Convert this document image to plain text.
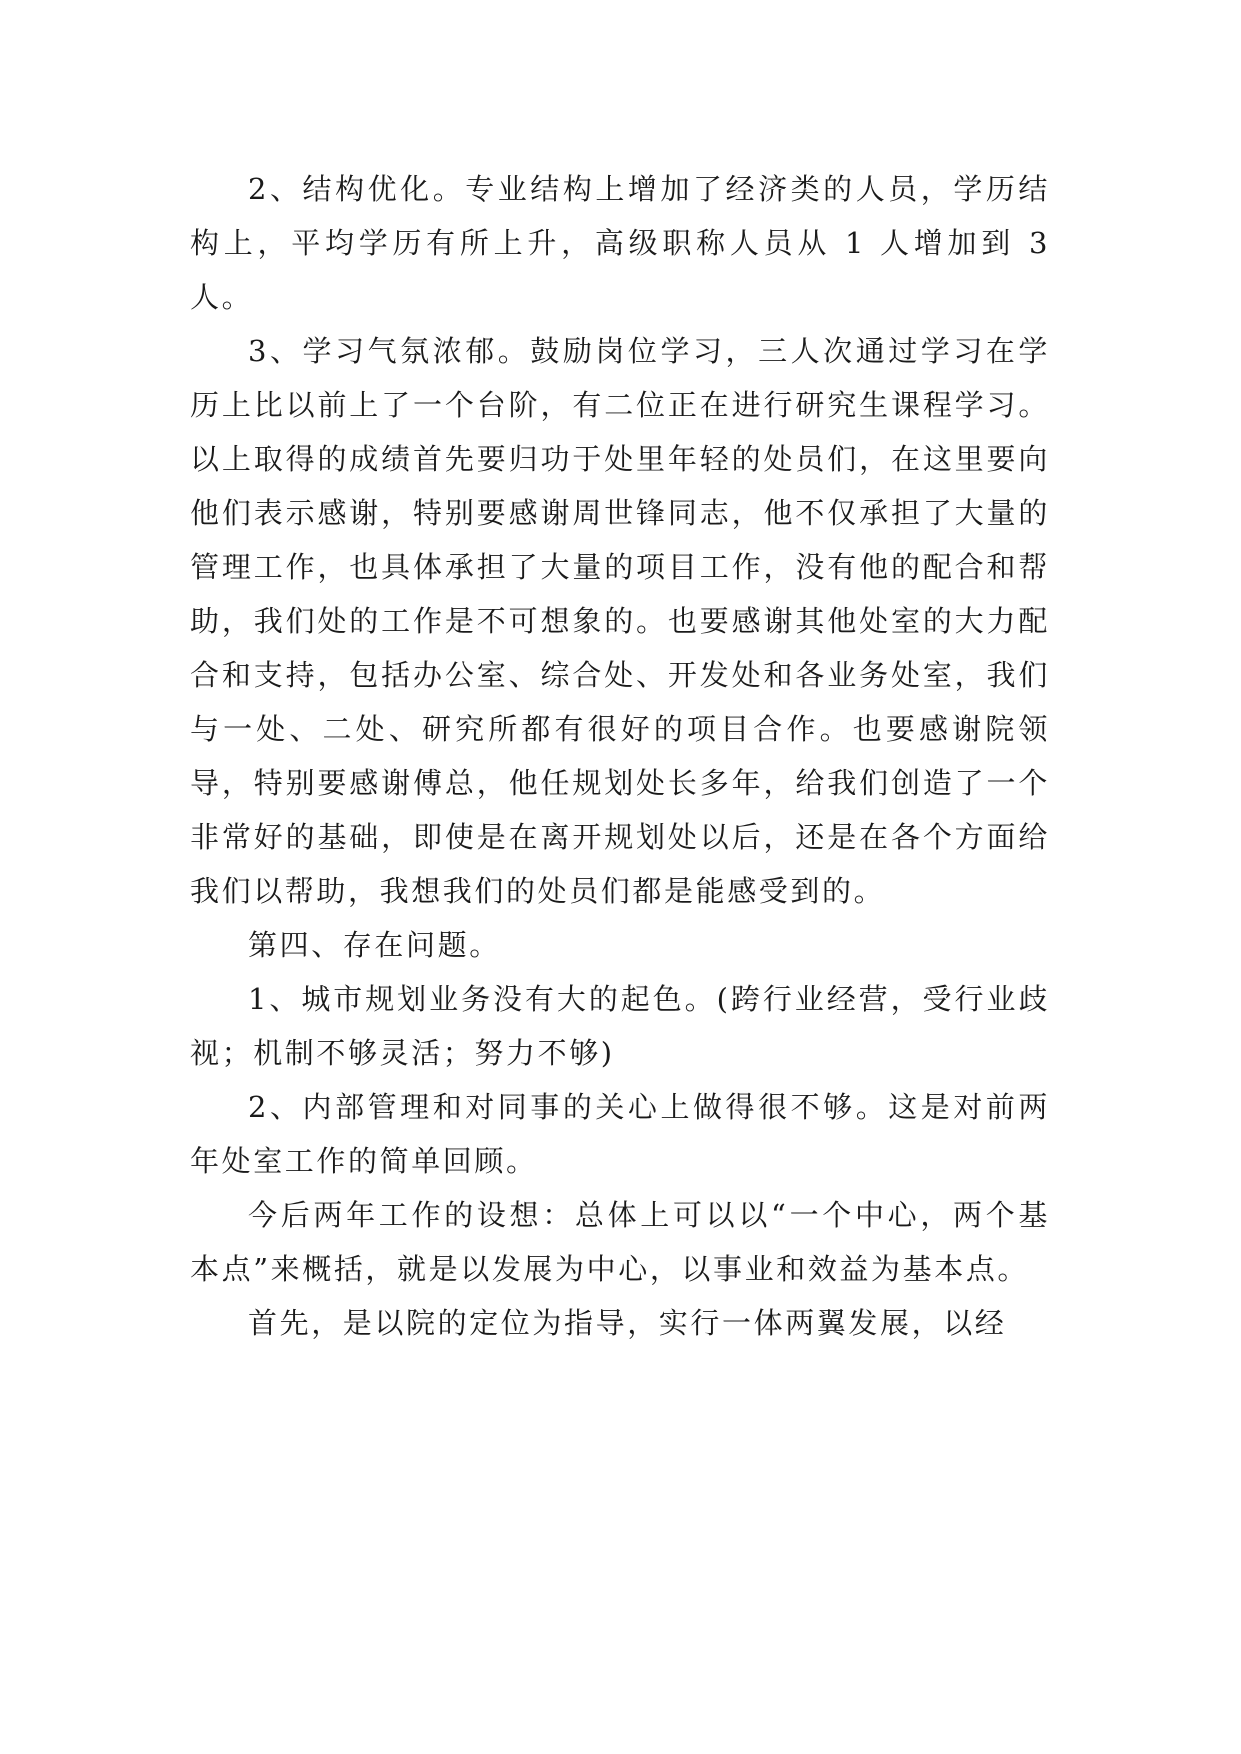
2、结构优化。专业结构上增加了经济类的人员，学历结构上，平均学历有所上升，高级职称人员从 1 人增加到 3 人。

3、学习气氛浓郁。鼓励岗位学习，三人次通过学习在学历上比以前上了一个台阶，有二位正在进行研究生课程学习。以上取得的成绩首先要归功于处里年轻的处员们，在这里要向他们表示感谢，特别要感谢周世锋同志，他不仅承担了大量的管理工作，也具体承担了大量的项目工作，没有他的配合和帮助，我们处的工作是不可想象的。也要感谢其他处室的大力配合和支持，包括办公室、综合处、开发处和各业务处室，我们与一处、二处、研究所都有很好的项目合作。也要感谢院领导，特别要感谢傅总，他任规划处长多年，给我们创造了一个非常好的基础，即使是在离开规划处以后，还是在各个方面给我们以帮助，我想我们的处员们都是能感受到的。

第四、存在问题。

1、城市规划业务没有大的起色。(跨行业经营，受行业歧视；机制不够灵活；努力不够)

2、内部管理和对同事的关心上做得很不够。这是对前两年处室工作的简单回顾。

今后两年工作的设想：总体上可以以“一个中心，两个基本点”来概括，就是以发展为中心，以事业和效益为基本点。

首先，是以院的定位为指导，实行一体两翼发展，以经
